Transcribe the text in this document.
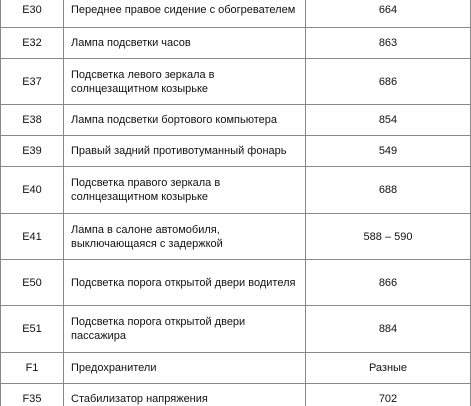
E30	Переднее правое сидение с обогревателем	664
E32	Лампа подсветки часов	863
E37	Подсветка левого зеркала в солнцезащитном козырьке	686
E38	Лампа подсветки бортового компьютера	854
E39	Правый задний противотуманный фонарь	549
E40	Подсветка правого зеркала в солнцезащитном козырьке	688
E41	Лампа в салоне автомобиля, выключающаяся с задержкой	588 – 590
E50	Подсветка порога открытой двери водителя	866
E51	Подсветка порога открытой двери пассажира	884
F1	Предохранители	Разные
F35	Стабилизатор напряжения	702
